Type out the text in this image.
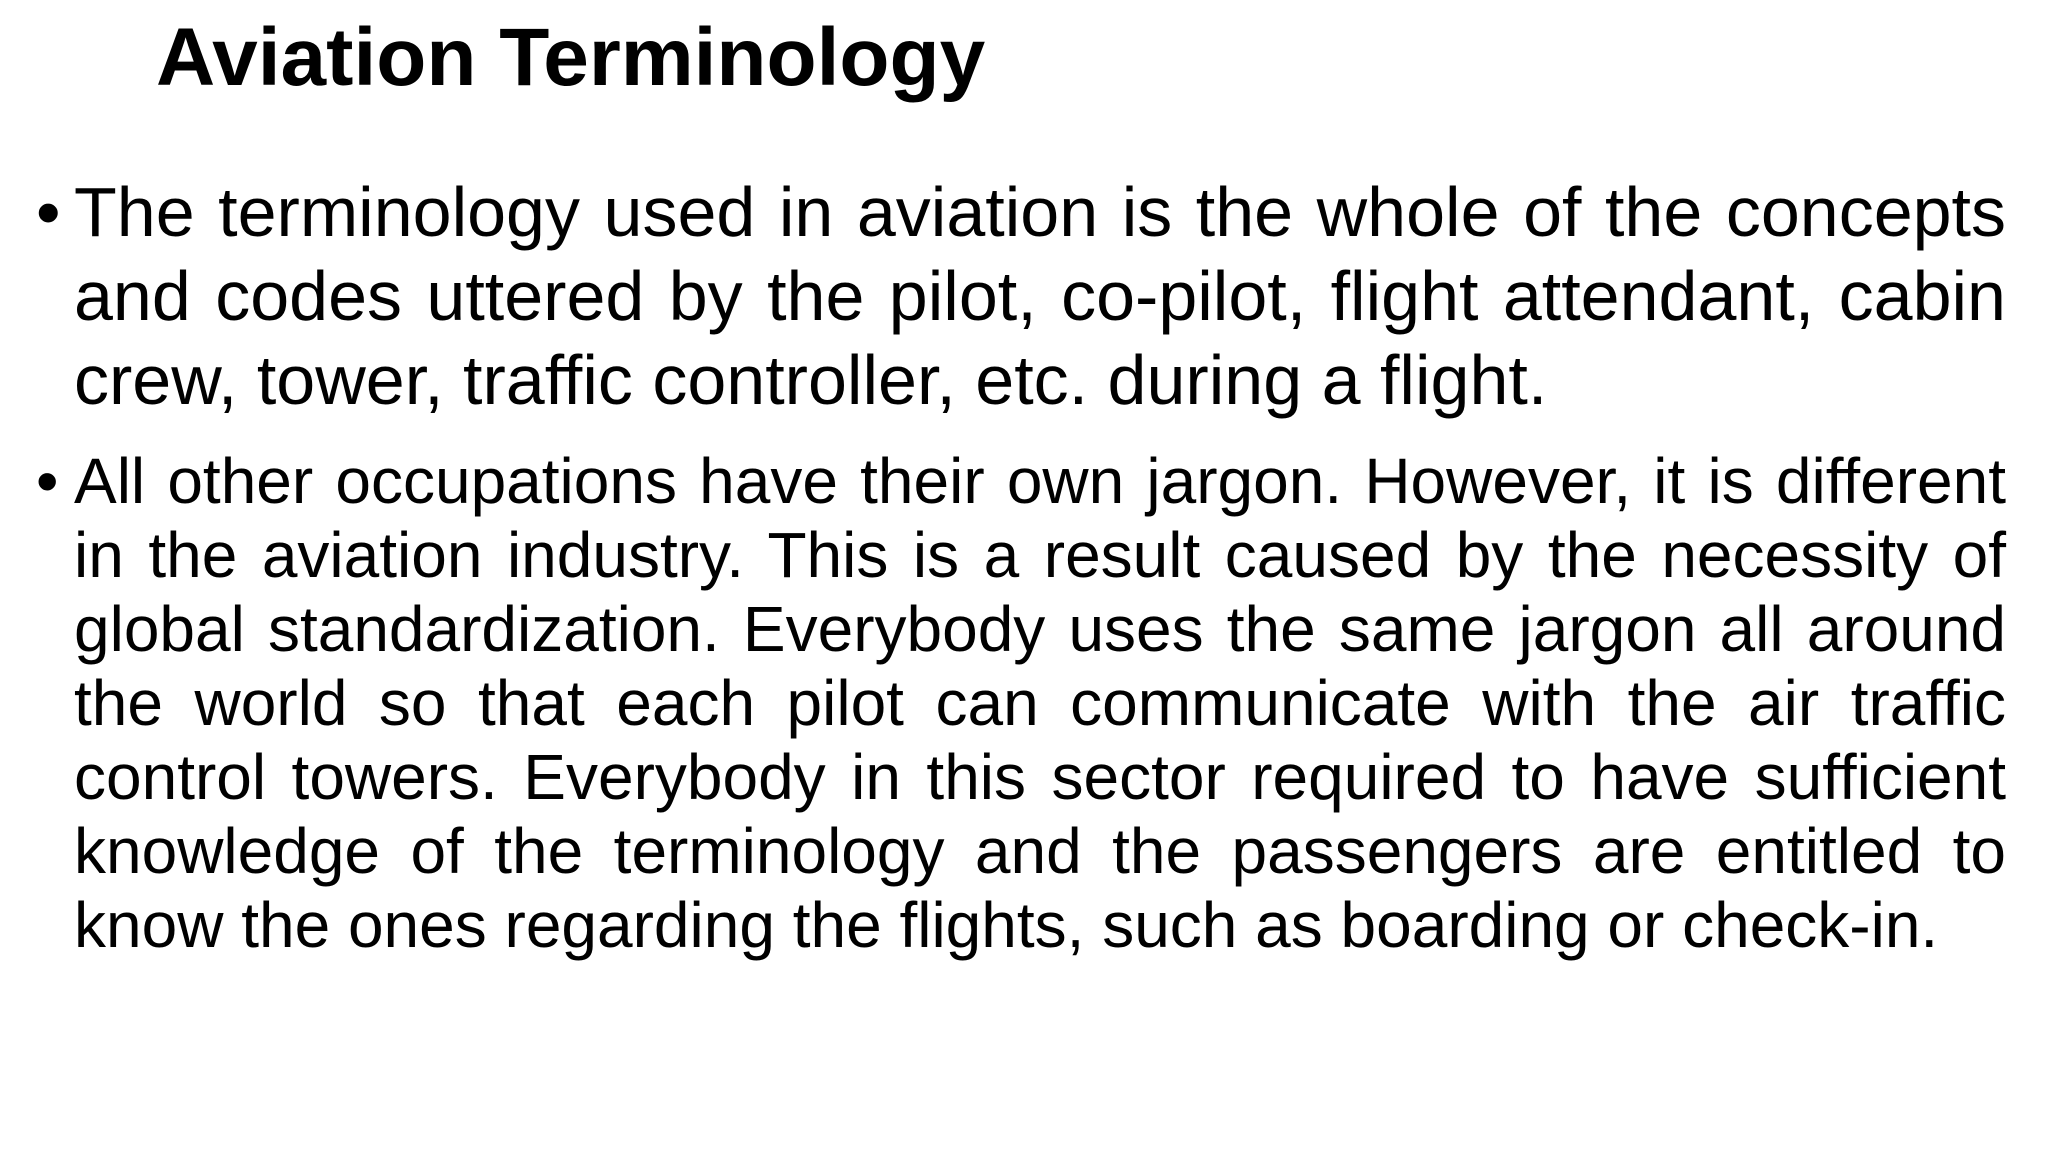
Aviation Terminology
• The terminology used in aviation is the whole of the concepts and codes uttered by the pilot, co-pilot, flight attendant, cabin crew, tower, traffic controller, etc. during a flight.
• All other occupations have their own jargon. However, it is different in the aviation industry. This is a result caused by the necessity of global standardization. Everybody uses the same jargon all around the world so that each pilot can communicate with the air traffic control towers. Everybody in this sector required to have sufficient knowledge of the terminology and the passengers are entitled to know the ones regarding the flights, such as boarding or check-in.
